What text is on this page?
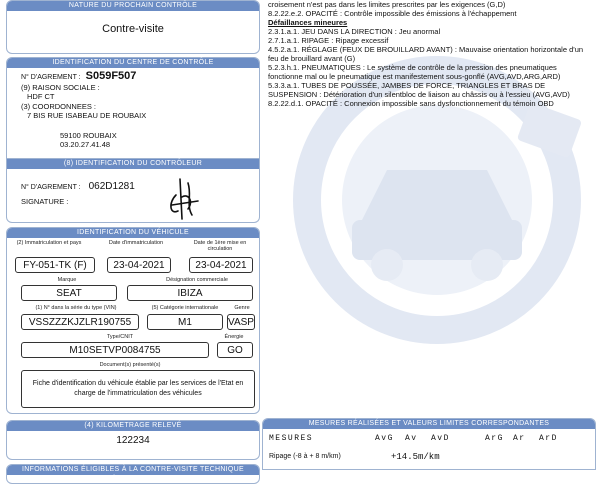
NATURE DU PROCHAIN CONTRÔLE
Contre-visite
IDENTIFICATION DU CENTRE DE CONTRÔLE
N° D'AGREMENT : S059F507
(9) RAISON SOCIALE :
HDF CT
(3) COORDONNEES :
7 BIS RUE ISABEAU DE ROUBAIX
59100 ROUBAIX
03.20.27.41.48
(8) IDENTIFICATION DU CONTRÔLEUR
N° D'AGREMENT : 062D1281
SIGNATURE :
IDENTIFICATION DU VÉHICULE
(2) Immatriculation et pays	Date d'immatriculation	Date de 1ère mise en circulation
FY-051-TK (F)	23-04-2021	23-04-2021
Marque	Désignation commerciale
SEAT	IBIZA
(1) N° dans la série du type (VIN)	(5) Catégorie internationale	Genre
VSSZZZKJZLR190755	M1	VASP
Type/CNIT	Énergie
M10SETVP0084755	GO
Document(s) présenté(s)
Fiche d'identification du véhicule établie par les services de l'Etat en charge de l'immatriculation des véhicules
(4) KILOMETRAGE RELEVÉ
122234
INFORMATIONS ÉLIGIBLES À LA CONTRE-VISITE TECHNIQUE DÉFAVORABLE
croisement n'est pas dans les limites prescrites par les exigences (G,D)
8.2.22.e.2. OPACITÉ : Contrôle impossible des émissions à l'échappement
Défaillances mineures
2.3.1.a.1. JEU DANS LA DIRECTION : Jeu anormal
2.7.1.a.1. RIPAGE : Ripage excessif
4.5.2.a.1. RÉGLAGE (FEUX DE BROUILLARD AVANT) : Mauvaise orientation horizontale d'un feu de brouillard avant (G)
5.2.3.h.1. PNEUMATIQUES : Le système de contrôle de la pression des pneumatiques fonctionne mal ou le pneumatique est manifestement sous-gonflé (AVG,AVD,ARG,ARD)
5.3.3.a.1. TUBES DE POUSSÉE, JAMBES DE FORCE, TRIANGLES ET BRAS DE SUSPENSION : Détérioration d'un silentbloc de liaison au châssis ou à l'essieu (AVG,AVD)
8.2.22.d.1. OPACITÉ : Connexion impossible sans dysfonctionnement du témoin OBD
MESURES RÉALISÉES ET VALEURS LIMITES CORRESPONDANTES
MESURES	AvG Av AvD	ArG Ar ArD
Ripage (-8 à + 8 m/km)	+14.5m/km
